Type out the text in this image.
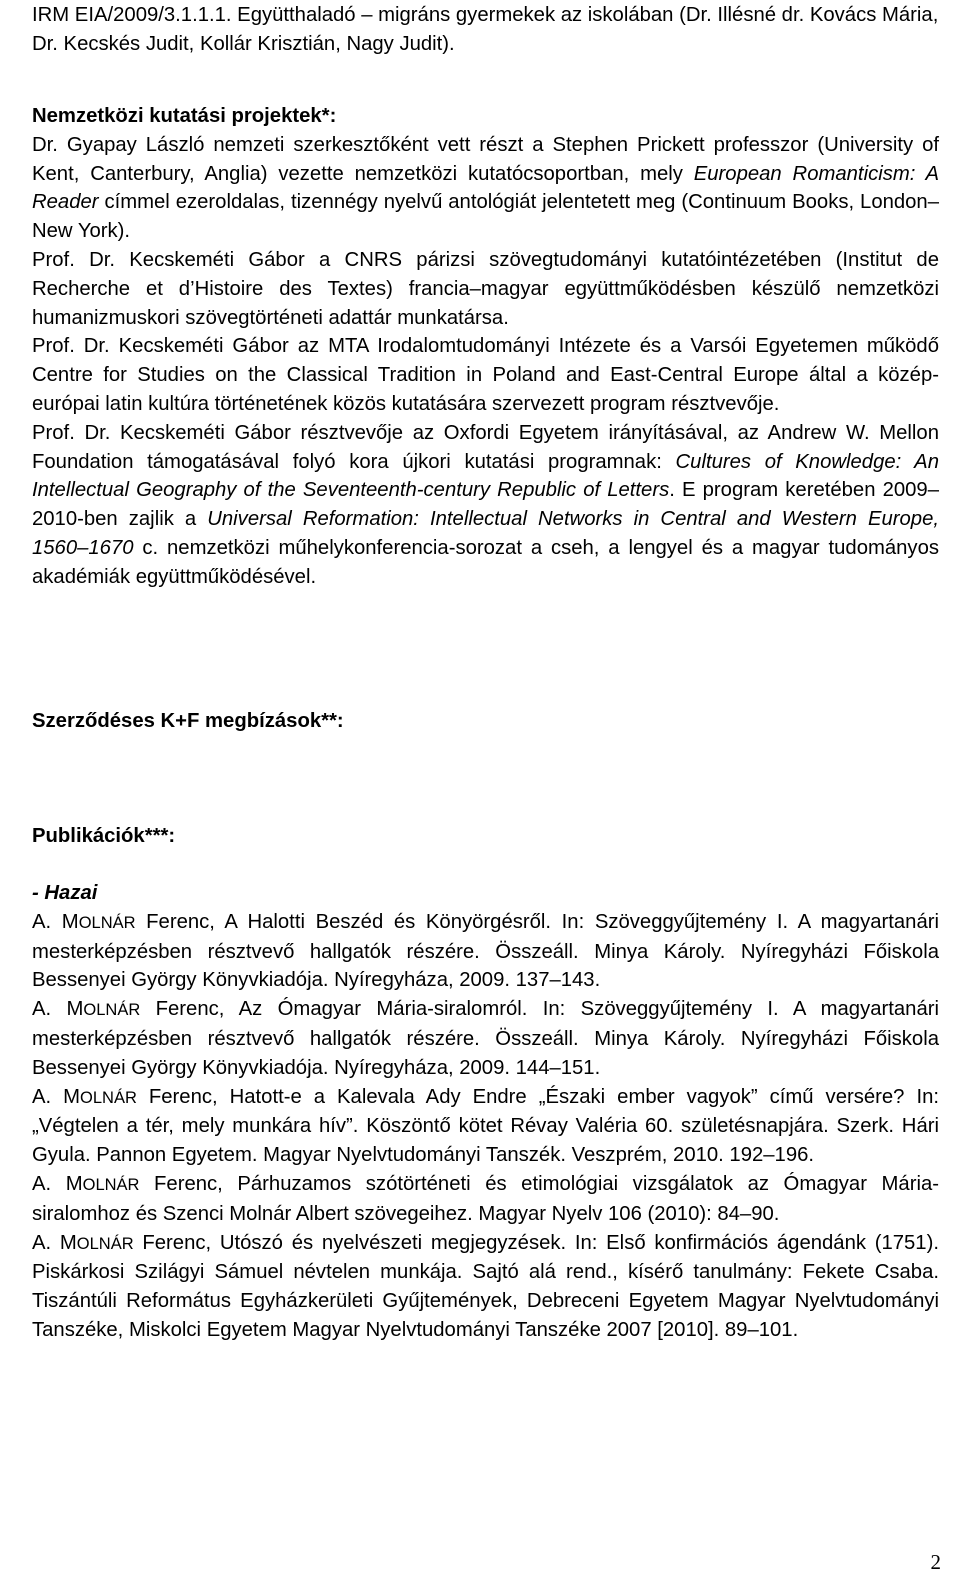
IRM EIA/2009/3.1.1.1. Együtthaladó – migráns gyermekek az iskolában (Dr. Illésné dr. Kovács Mária, Dr. Kecskés Judit, Kollár Krisztián, Nagy Judit).

Nemzetközi kutatási projektek*:

Dr. Gyapay László nemzeti szerkesztőként vett részt a Stephen Prickett professzor (University of Kent, Canterbury, Anglia) vezette nemzetközi kutatócsoportban, mely European Romanticism: A Reader címmel ezeroldalas, tizennégy nyelvű antológiát jelentetett meg (Continuum Books, London–New York).

Prof. Dr. Kecskeméti Gábor a CNRS párizsi szövegtudományi kutatóintézetében (Institut de Recherche et d’Histoire des Textes) francia–magyar együttműködésben készülő nemzetközi humanizmuskori szövegtörténeti adattár munkatársa.

Prof. Dr. Kecskeméti Gábor az MTA Irodalomtudományi Intézete és a Varsói Egyetemen működő Centre for Studies on the Classical Tradition in Poland and East-Central Europe által a közép-európai latin kultúra történetének közös kutatására szervezett program résztvevője.

Prof. Dr. Kecskeméti Gábor résztvevője az Oxfordi Egyetem irányításával, az Andrew W. Mellon Foundation támogatásával folyó kora újkori kutatási programnak: Cultures of Knowledge: An Intellectual Geography of the Seventeenth-century Republic of Letters. E program keretében 2009–2010-ben zajlik a Universal Reformation: Intellectual Networks in Central and Western Europe, 1560–1670 c. nemzetközi műhelykonferencia-sorozat a cseh, a lengyel és a magyar tudományos akadémiák együttműködésével.

Szerződéses K+F megbízások**:

Publikációk***:

- Hazai

A. MOLNÁR Ferenc, A Halotti Beszéd és Könyörgésről. In: Szöveggyűjtemény I. A magyartanári mesterképzésben résztvevő hallgatók részére. Összeáll. Minya Károly. Nyíregyházi Főiskola Bessenyei György Könyvkiadója. Nyíregyháza, 2009. 137–143.

A. MOLNÁR Ferenc, Az Ómagyar Mária-siralomról. In: Szöveggyűjtemény I. A magyartanári mesterképzésben résztvevő hallgatók részére. Összeáll. Minya Károly. Nyíregyházi Főiskola Bessenyei György Könyvkiadója. Nyíregyháza, 2009. 144–151.

A. MOLNÁR Ferenc, Hatott-e a Kalevala Ady Endre „Északi ember vagyok” című versére? In: „Végtelen a tér, mely munkára hív”. Köszöntő kötet Révay Valéria 60. születésnapjára. Szerk. Hári Gyula. Pannon Egyetem. Magyar Nyelvtudományi Tanszék. Veszprém, 2010. 192–196.

A. MOLNÁR Ferenc, Párhuzamos szótörténeti és etimológiai vizsgálatok az Ómagyar Mária-siralomhoz és Szenci Molnár Albert szövegeihez. Magyar Nyelv 106 (2010): 84–90.

A. MOLNÁR Ferenc, Utószó és nyelvészeti megjegyzések. In: Első konfirmációs ágendánk (1751). Piskárkosi Szilágyi Sámuel névtelen munkája. Sajtó alá rend., kísérő tanulmány: Fekete Csaba. Tiszántúli Református Egyházkerületi Gyűjtemények, Debreceni Egyetem Magyar Nyelvtudományi Tanszéke, Miskolci Egyetem Magyar Nyelvtudományi Tanszéke 2007 [2010]. 89–101.

2
